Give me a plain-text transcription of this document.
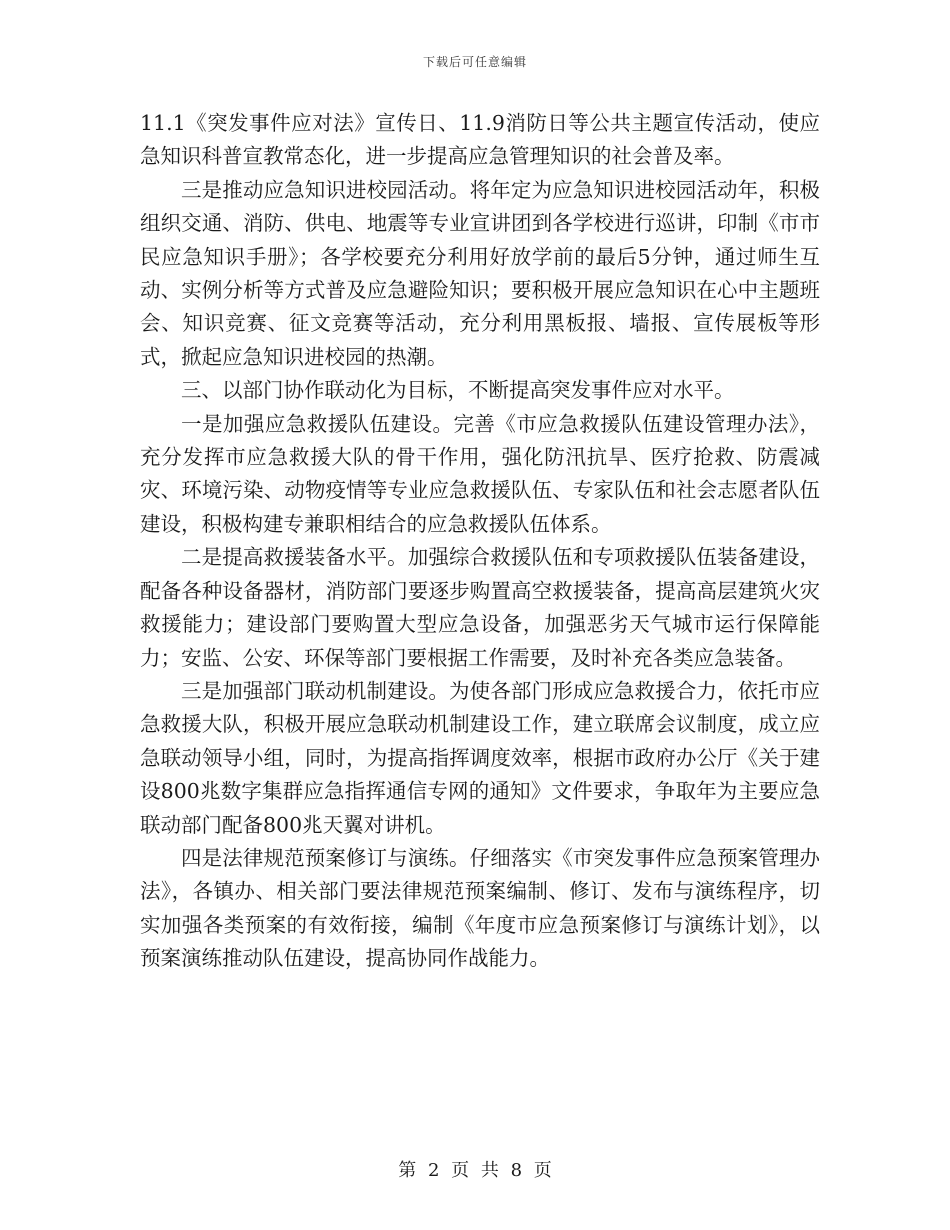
下载后可任意编辑

11.1《突发事件应对法》宣传日、11.9消防日等公共主题宣传活动，使应急知识科普宣教常态化，进一步提高应急管理知识的社会普及率。

三是推动应急知识进校园活动。将年定为应急知识进校园活动年，积极组织交通、消防、供电、地震等专业宣讲团到各学校进行巡讲，印制《市市民应急知识手册》；各学校要充分利用好放学前的最后5分钟，通过师生互动、实例分析等方式普及应急避险知识；要积极开展应急知识在心中主题班会、知识竞赛、征文竞赛等活动，充分利用黑板报、墙报、宣传展板等形式，掀起应急知识进校园的热潮。

三、以部门协作联动化为目标，不断提高突发事件应对水平。

一是加强应急救援队伍建设。完善《市应急救援队伍建设管理办法》，充分发挥市应急救援大队的骨干作用，强化防汛抗旱、医疗抢救、防震减灾、环境污染、动物疫情等专业应急救援队伍、专家队伍和社会志愿者队伍建设，积极构建专兼职相结合的应急救援队伍体系。

二是提高救援装备水平。加强综合救援队伍和专项救援队伍装备建设，配备各种设备器材，消防部门要逐步购置高空救援装备，提高高层建筑火灾救援能力；建设部门要购置大型应急设备，加强恶劣天气城市运行保障能力；安监、公安、环保等部门要根据工作需要，及时补充各类应急装备。

三是加强部门联动机制建设。为使各部门形成应急救援合力，依托市应急救援大队，积极开展应急联动机制建设工作，建立联席会议制度，成立应急联动领导小组，同时，为提高指挥调度效率，根据市政府办公厅《关于建设800兆数字集群应急指挥通信专网的通知》文件要求，争取年为主要应急联动部门配备800兆天翼对讲机。

四是法律规范预案修订与演练。仔细落实《市突发事件应急预案管理办法》，各镇办、相关部门要法律规范预案编制、修订、发布与演练程序，切实加强各类预案的有效衔接，编制《年度市应急预案修订与演练计划》，以预案演练推动队伍建设，提高协同作战能力。

第 2 页 共 8 页
